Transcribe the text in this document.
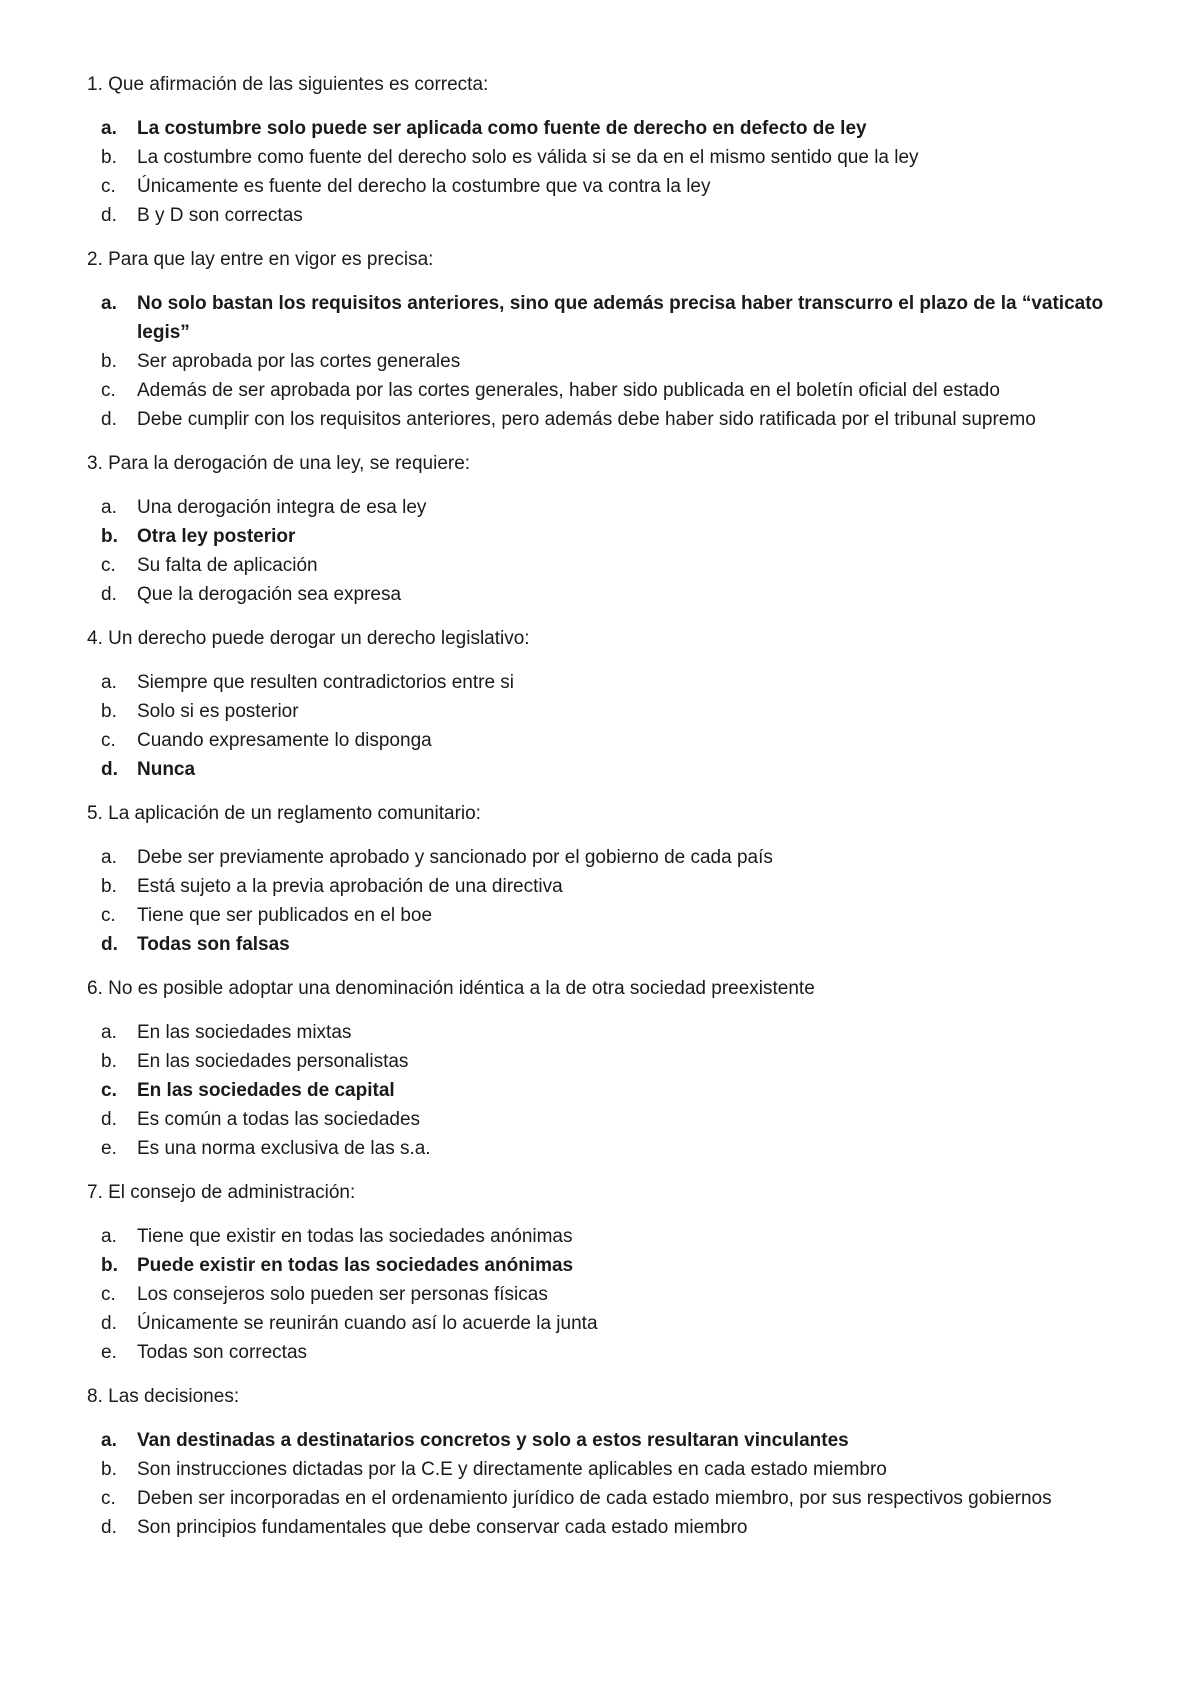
1. Que afirmación de las siguientes es correcta:

a.	La costumbre solo puede ser aplicada como fuente de derecho en defecto de ley
b.	La costumbre como fuente del derecho solo es válida si se da en el mismo sentido que la ley
c.	Únicamente es fuente del derecho la costumbre que va contra la ley
d.	B y D son correctas

2. Para que lay entre en vigor es precisa:

a.	No solo bastan los requisitos anteriores, sino que además precisa haber transcurro el plazo de la “vaticato legis”
b.	Ser aprobada por las cortes generales
c.	Además de ser aprobada por las cortes generales, haber sido publicada en el boletín oficial del estado
d.	Debe cumplir con los requisitos anteriores, pero además debe haber sido ratificada por el tribunal supremo

3. Para la derogación de una ley, se requiere:

a.	Una derogación integra de esa ley
b.	Otra ley posterior
c.	Su falta de aplicación
d.	Que la derogación sea expresa

4. Un derecho puede derogar un derecho legislativo:

a.	Siempre que resulten contradictorios entre si
b.	Solo si es posterior
c.	Cuando expresamente lo disponga
d.	Nunca

5. La aplicación de un reglamento comunitario:

a.	Debe ser previamente aprobado y sancionado por el gobierno de cada país
b.	Está sujeto a la previa aprobación de una directiva
c.	Tiene que ser publicados en el boe
d.	Todas son falsas

6. No es posible adoptar una denominación idéntica a la de otra sociedad preexistente

a.	En las sociedades mixtas
b.	En las sociedades personalistas
c.	En las sociedades de capital
d.	Es común a todas las sociedades
e.	Es una norma exclusiva de las s.a.

7. El consejo de administración:

a.	Tiene que existir en todas las sociedades anónimas
b.	Puede existir en todas las sociedades anónimas
c.	Los consejeros solo pueden ser personas físicas
d.	Únicamente se reunirán cuando así lo acuerde la junta
e.	Todas son correctas

8. Las decisiones:

a.	Van destinadas a destinatarios concretos y solo a estos resultaran vinculantes
b.	Son instrucciones dictadas por la C.E y directamente aplicables en cada estado miembro
c.	Deben ser incorporadas en el ordenamiento jurídico de cada estado miembro, por sus respectivos gobiernos
d.	Son principios fundamentales que debe conservar cada estado miembro
